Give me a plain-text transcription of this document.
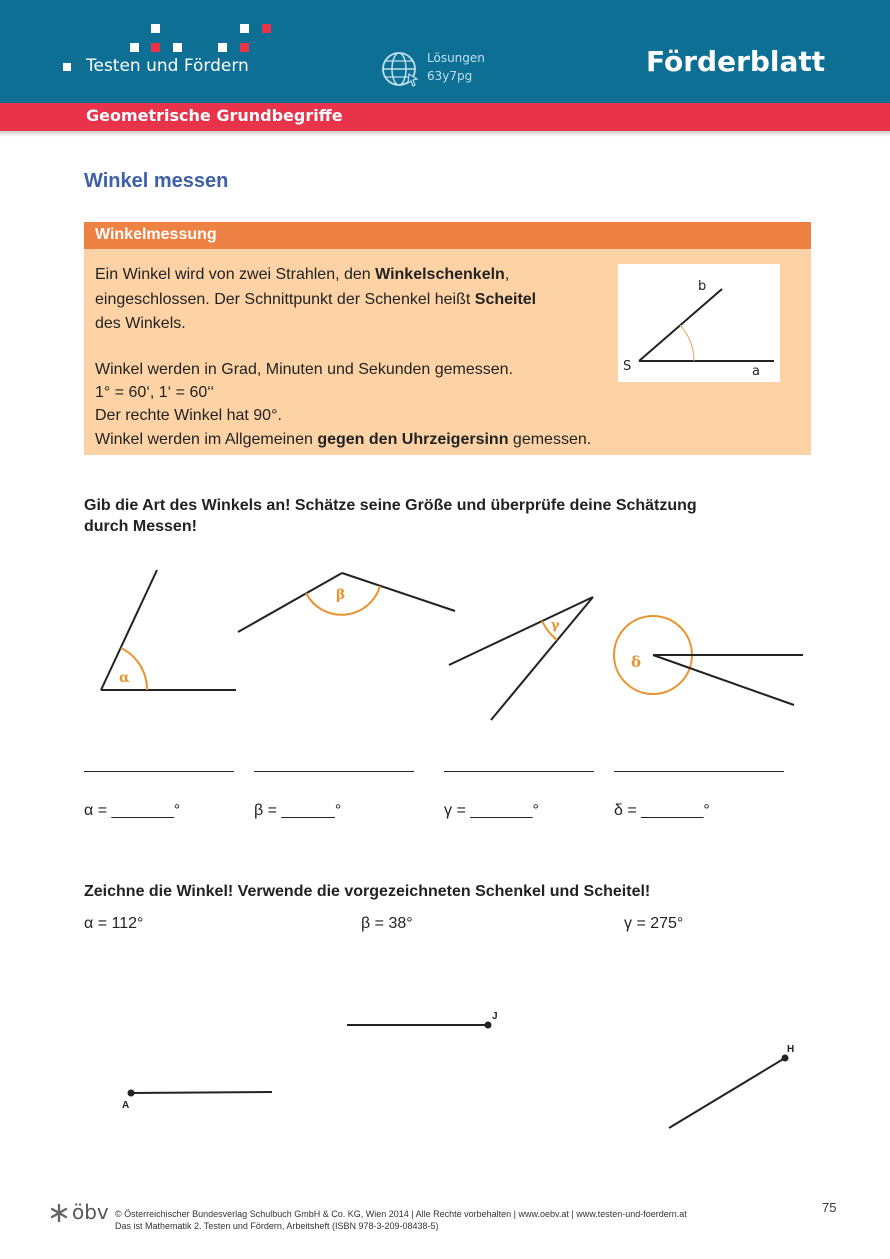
Testen und Fördern	Lösungen
63y7pg	Förderblatt
Geometrische Grundbegriffe
Winkel messen
Winkelmessung
Ein Winkel wird von zwei Strahlen, den Winkelschenkeln,
eingeschlossen. Der Schnittpunkt der Schenkel heißt Scheitel
des Winkels.
Winkel werden in Grad, Minuten und Sekunden gemessen.
1° = 60‘, 1‘ = 60‘‘
Der rechte Winkel hat 90°.
Winkel werden im Allgemeinen gegen den Uhrzeigersinn gemessen.
S
b
a
Gib die Art des Winkels an! Schätze seine Größe und überprüfe deine Schätzung
durch Messen!
α
β
γ
δ
α = _______°	β = ______°	γ = _______°	δ = _______°
Zeichne die Winkel! Verwende die vorgezeichneten Schenkel und Scheitel!
α = 112°	β = 38°	γ = 275°
A
J
H
öbv © Österreichischer Bundesverlag Schulbuch GmbH & Co. KG, Wien 2014 | Alle Rechte vorbehalten | www.oebv.at | www.testen-und-foerdern.at
Das ist Mathematik 2. Testen und Fördern, Arbeitsheft (ISBN 978-3-209-08438-5)
75
